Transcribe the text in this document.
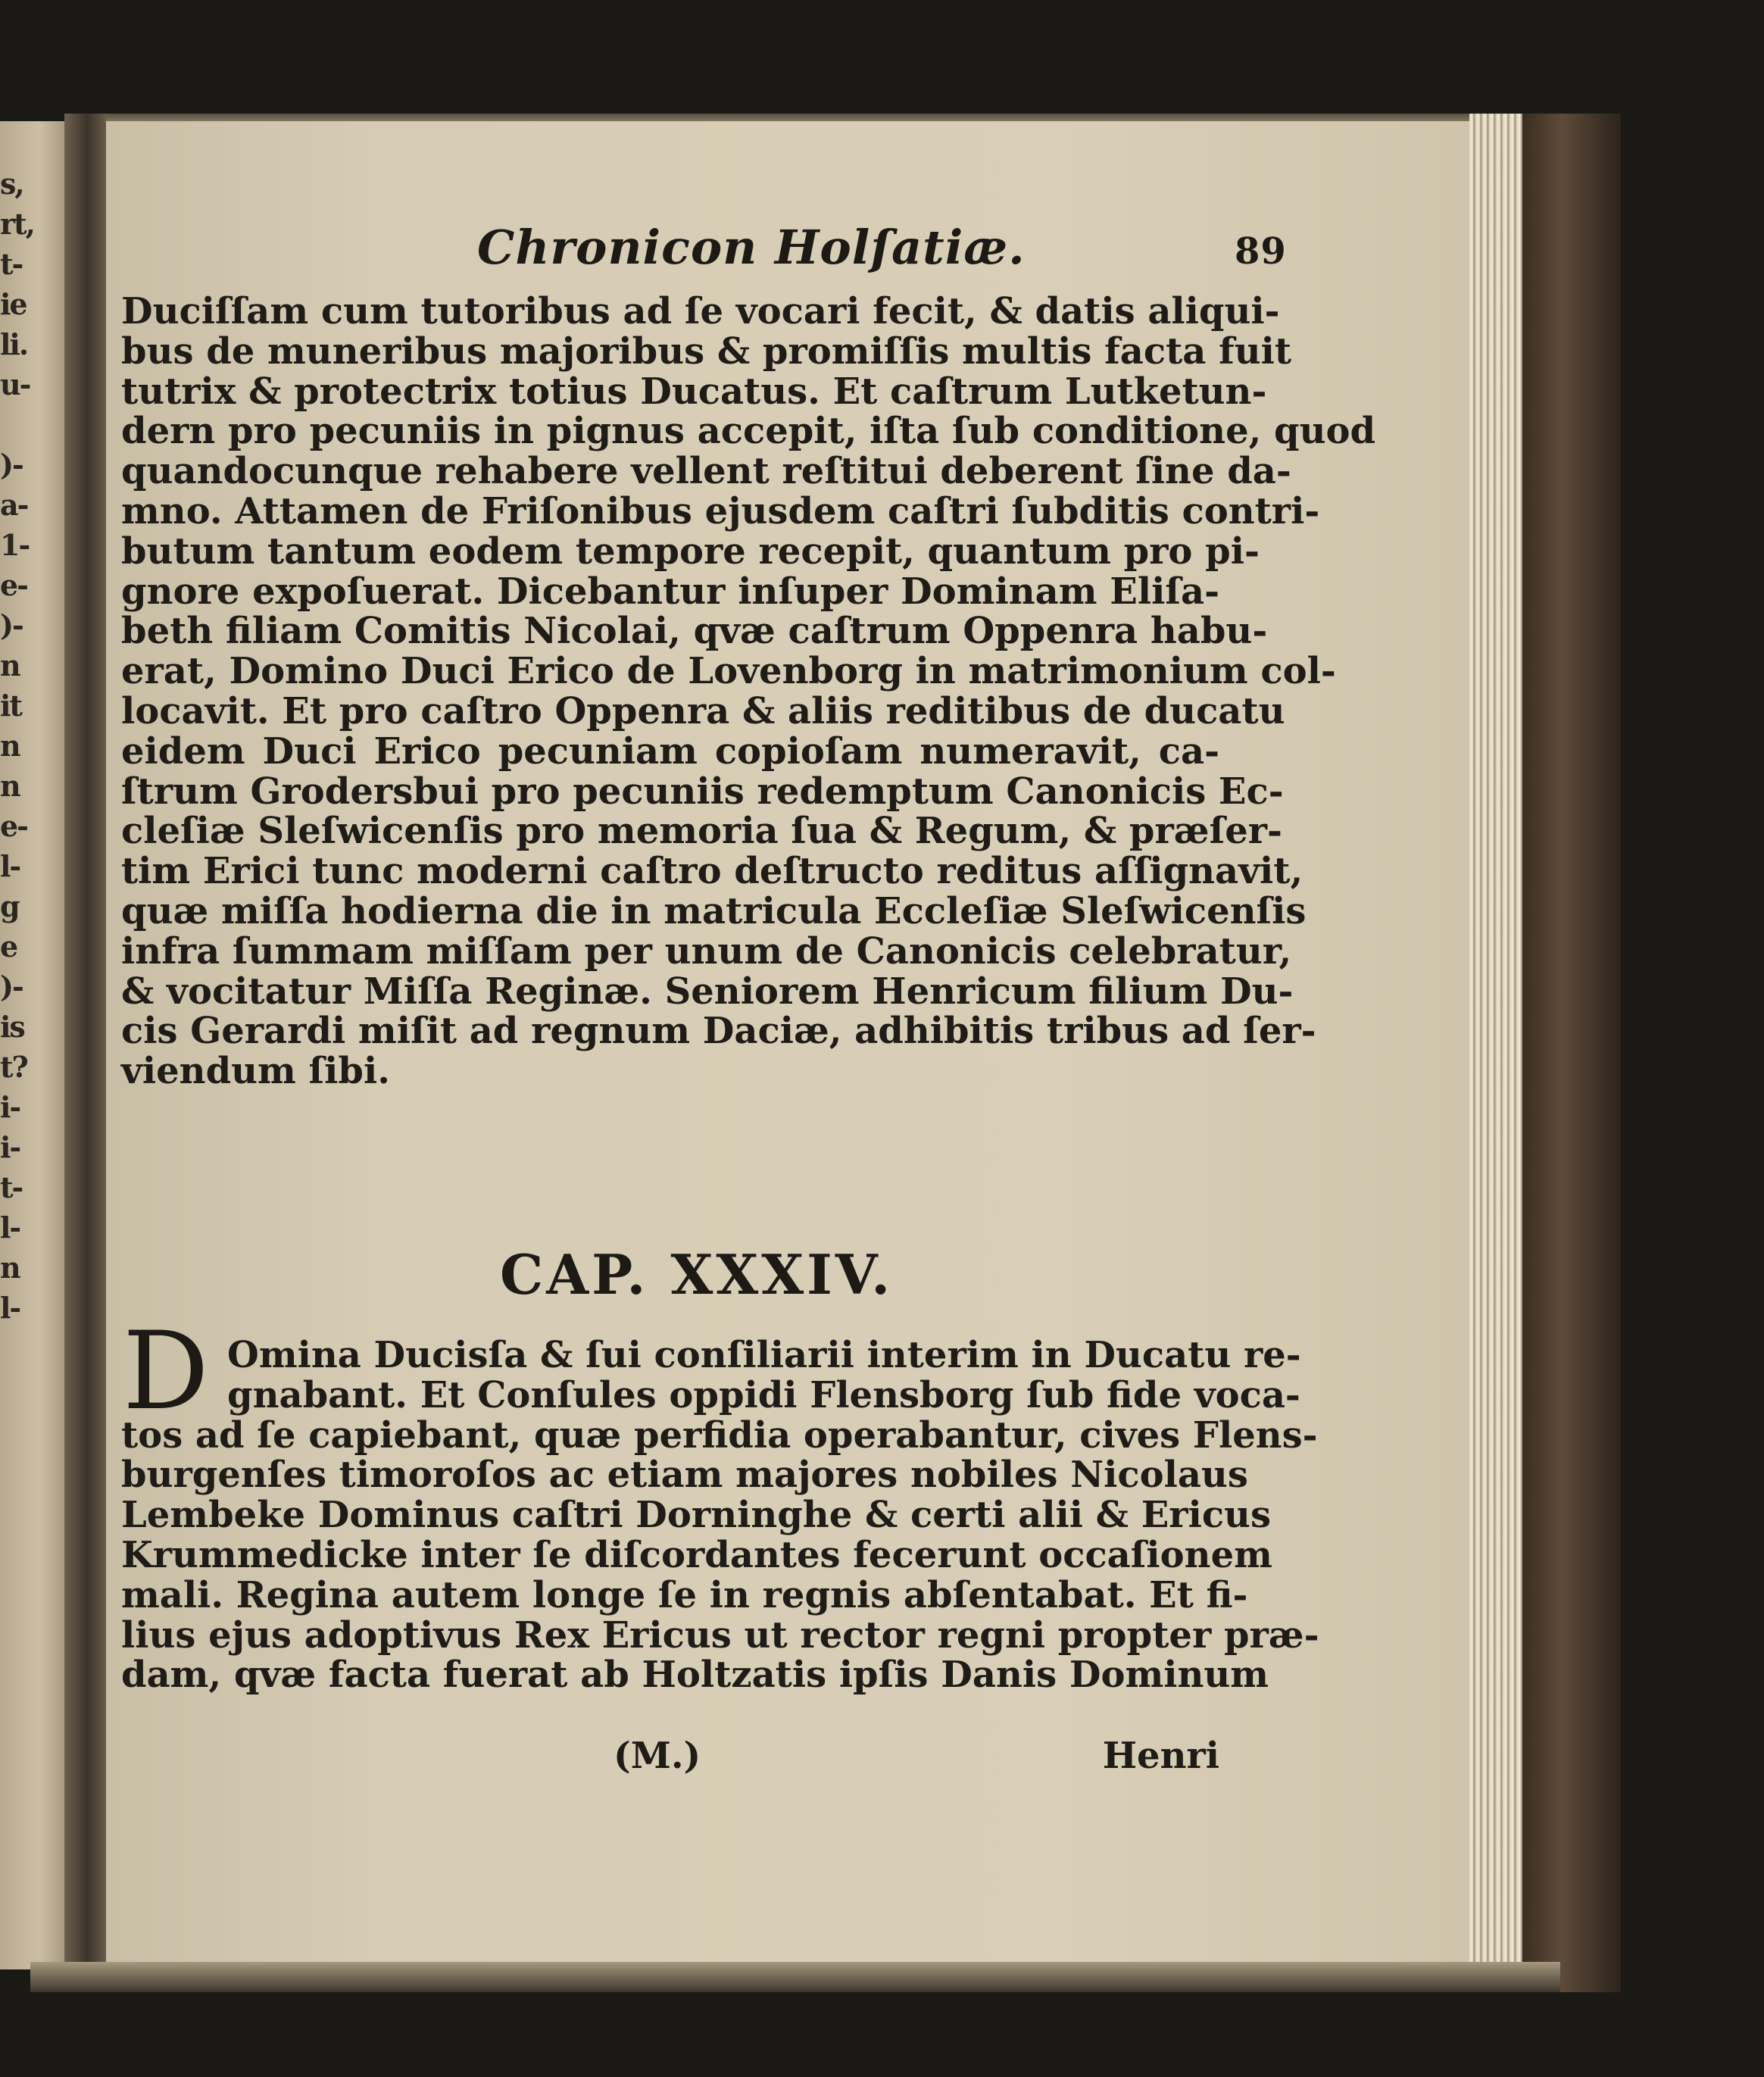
s,
rt,
t-
ie
li.
u-
)-
a-
1-
e-
)-
n
it
n
n
e-
l-
g
e
)-
is
t?
i-
i-
t-
l-
n
l-
Chronicon Holſatiæ.	89
Duciſſam cum tutoribus ad ſe vocari fecit, & datis aliqui-
bus de muneribus majoribus & promiſſis multis facta fuit
tutrix & protectrix totius Ducatus. Et caſtrum Lutketun-
dern pro pecuniis in pignus accepit, iſta ſub conditione, quod
quandocunque rehabere vellent reſtitui deberent ſine da-
mno. Attamen de Friſonibus ejusdem caſtri ſubditis contri-
butum tantum eodem tempore recepit, quantum pro pi-
gnore expoſuerat. Dicebantur inſuper Dominam Eliſa-
beth filiam Comitis Nicolai, qvæ caſtrum Oppenra habu-
erat, Domino Duci Erico de Lovenborg in matrimonium col-
locavit. Et pro caſtro Oppenra & aliis reditibus de ducatu
eidem Duci Erico pecuniam copioſam numeravit, ca-
ſtrum Grodersbui pro pecuniis redemptum Canonicis Ec-
cleſiæ Sleſwicenſis pro memoria ſua & Regum, & præſer-
tim Erici tunc moderni caſtro deſtructo reditus aſſignavit,
quæ miſſa hodierna die in matricula Eccleſiæ Sleſwicenſis
infra ſummam miſſam per unum de Canonicis celebratur,
& vocitatur Miſſa Reginæ. Seniorem Henricum filium Du-
cis Gerardi miſit ad regnum Daciæ, adhibitis tribus ad ſer-
viendum ſibi.
CAP. XXXIV.
D Omina Ducisſa & ſui conſiliarii interim in Ducatu re-
gnabant. Et Conſules oppidi Flensborg ſub fide voca-
tos ad ſe capiebant, quæ perfidia operabantur, cives Flens-
burgenſes timoroſos ac etiam majores nobiles Nicolaus
Lembeke Dominus caſtri Dorninghe & certi alii & Ericus
Krummedicke inter ſe diſcordantes fecerunt occaſionem
mali. Regina autem longe ſe in regnis abſentabat. Et fi-
lius ejus adoptivus Rex Ericus ut rector regni propter præ-
dam, qvæ facta fuerat ab Holtzatis ipſis Danis Dominum
(M.)	Henri
